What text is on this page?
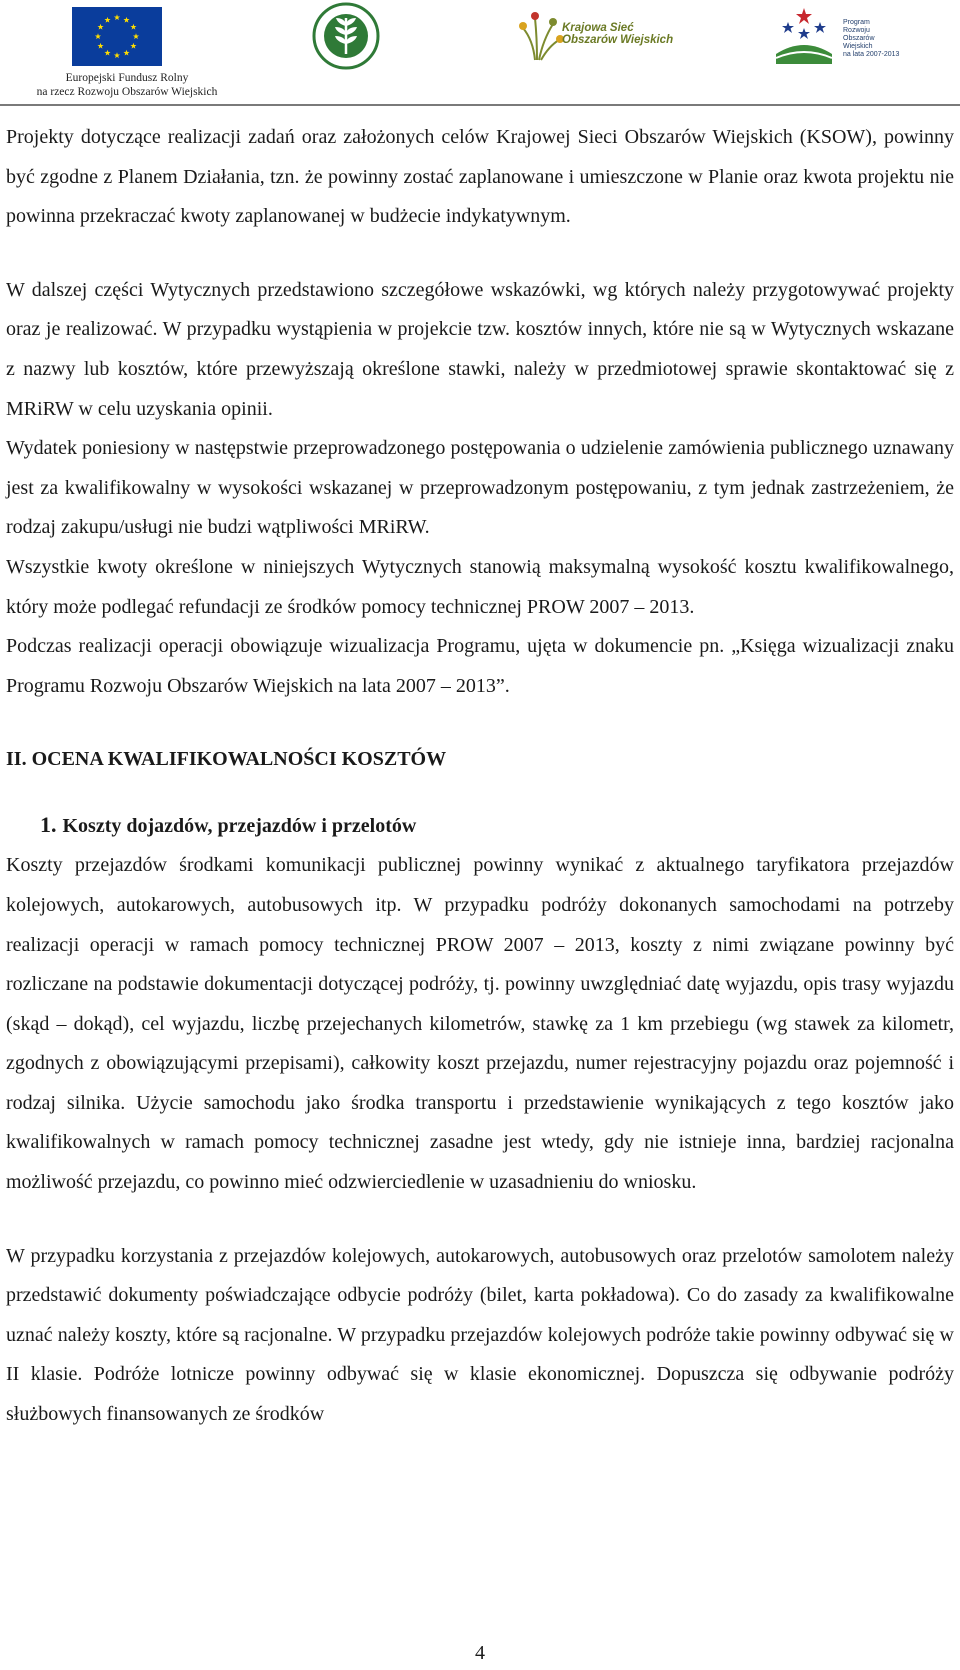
Europejski Fundusz Rolny
na rzecz Rozwoju Obszarów Wiejskich
Krajowa Sieć
Obszarów Wiejskich
Program
Rozwoju
Obszarów
Wiejskich
na lata 2007-2013

Projekty dotyczące realizacji zadań oraz założonych celów Krajowej Sieci Obszarów Wiejskich (KSOW), powinny być zgodne z Planem Działania, tzn. że powinny zostać zaplanowane i umieszczone w Planie oraz kwota projektu nie powinna przekraczać kwoty zaplanowanej w budżecie indykatywnym.

W dalszej części Wytycznych przedstawiono szczegółowe wskazówki, wg których należy przygotowywać projekty oraz je realizować. W przypadku wystąpienia w projekcie tzw. kosztów innych, które nie są w Wytycznych wskazane z nazwy lub kosztów, które przewyższają określone stawki, należy w przedmiotowej sprawie skontaktować się z MRiRW w celu uzyskania opinii.

Wydatek poniesiony w następstwie przeprowadzonego postępowania o udzielenie zamówienia publicznego uznawany jest za kwalifikowalny w wysokości wskazanej w przeprowadzonym postępowaniu, z tym jednak zastrzeżeniem, że rodzaj zakupu/usługi nie budzi wątpliwości MRiRW.

Wszystkie kwoty określone w niniejszych Wytycznych stanowią maksymalną wysokość kosztu kwalifikowalnego, który może podlegać refundacji ze środków pomocy technicznej PROW 2007 – 2013.

Podczas realizacji operacji obowiązuje wizualizacja Programu, ujęta w dokumencie pn. „Księga wizualizacji znaku Programu Rozwoju Obszarów Wiejskich na lata 2007 – 2013”.

II. OCENA KWALIFIKOWALNOŚCI KOSZTÓW
1. Koszty dojazdów, przejazdów i przelotów

Koszty przejazdów środkami komunikacji publicznej powinny wynikać z aktualnego taryfikatora przejazdów kolejowych, autokarowych, autobusowych itp. W przypadku podróży dokonanych samochodami na potrzeby realizacji operacji w ramach pomocy technicznej PROW 2007 – 2013, koszty z nimi związane powinny być rozliczane na podstawie dokumentacji dotyczącej podróży, tj. powinny uwzględniać datę wyjazdu, opis trasy wyjazdu (skąd – dokąd), cel wyjazdu, liczbę przejechanych kilometrów, stawkę za 1 km przebiegu (wg stawek za kilometr, zgodnych z obowiązującymi przepisami), całkowity koszt przejazdu, numer rejestracyjny pojazdu oraz pojemność i rodzaj silnika. Użycie samochodu jako środka transportu i przedstawienie wynikających z tego kosztów jako kwalifikowalnych w ramach pomocy technicznej zasadne jest wtedy, gdy nie istnieje inna, bardziej racjonalna możliwość przejazdu, co powinno mieć odzwierciedlenie w uzasadnieniu do wniosku.

W przypadku korzystania z przejazdów kolejowych, autokarowych, autobusowych oraz przelotów samolotem należy przedstawić dokumenty poświadczające odbycie podróży (bilet, karta pokładowa). Co do zasady za kwalifikowalne uznać należy koszty, które są racjonalne. W przypadku przejazdów kolejowych podróże takie powinny odbywać się w II klasie. Podróże lotnicze powinny odbywać się w klasie ekonomicznej. Dopuszcza się odbywanie podróży służbowych finansowanych ze środków

4
